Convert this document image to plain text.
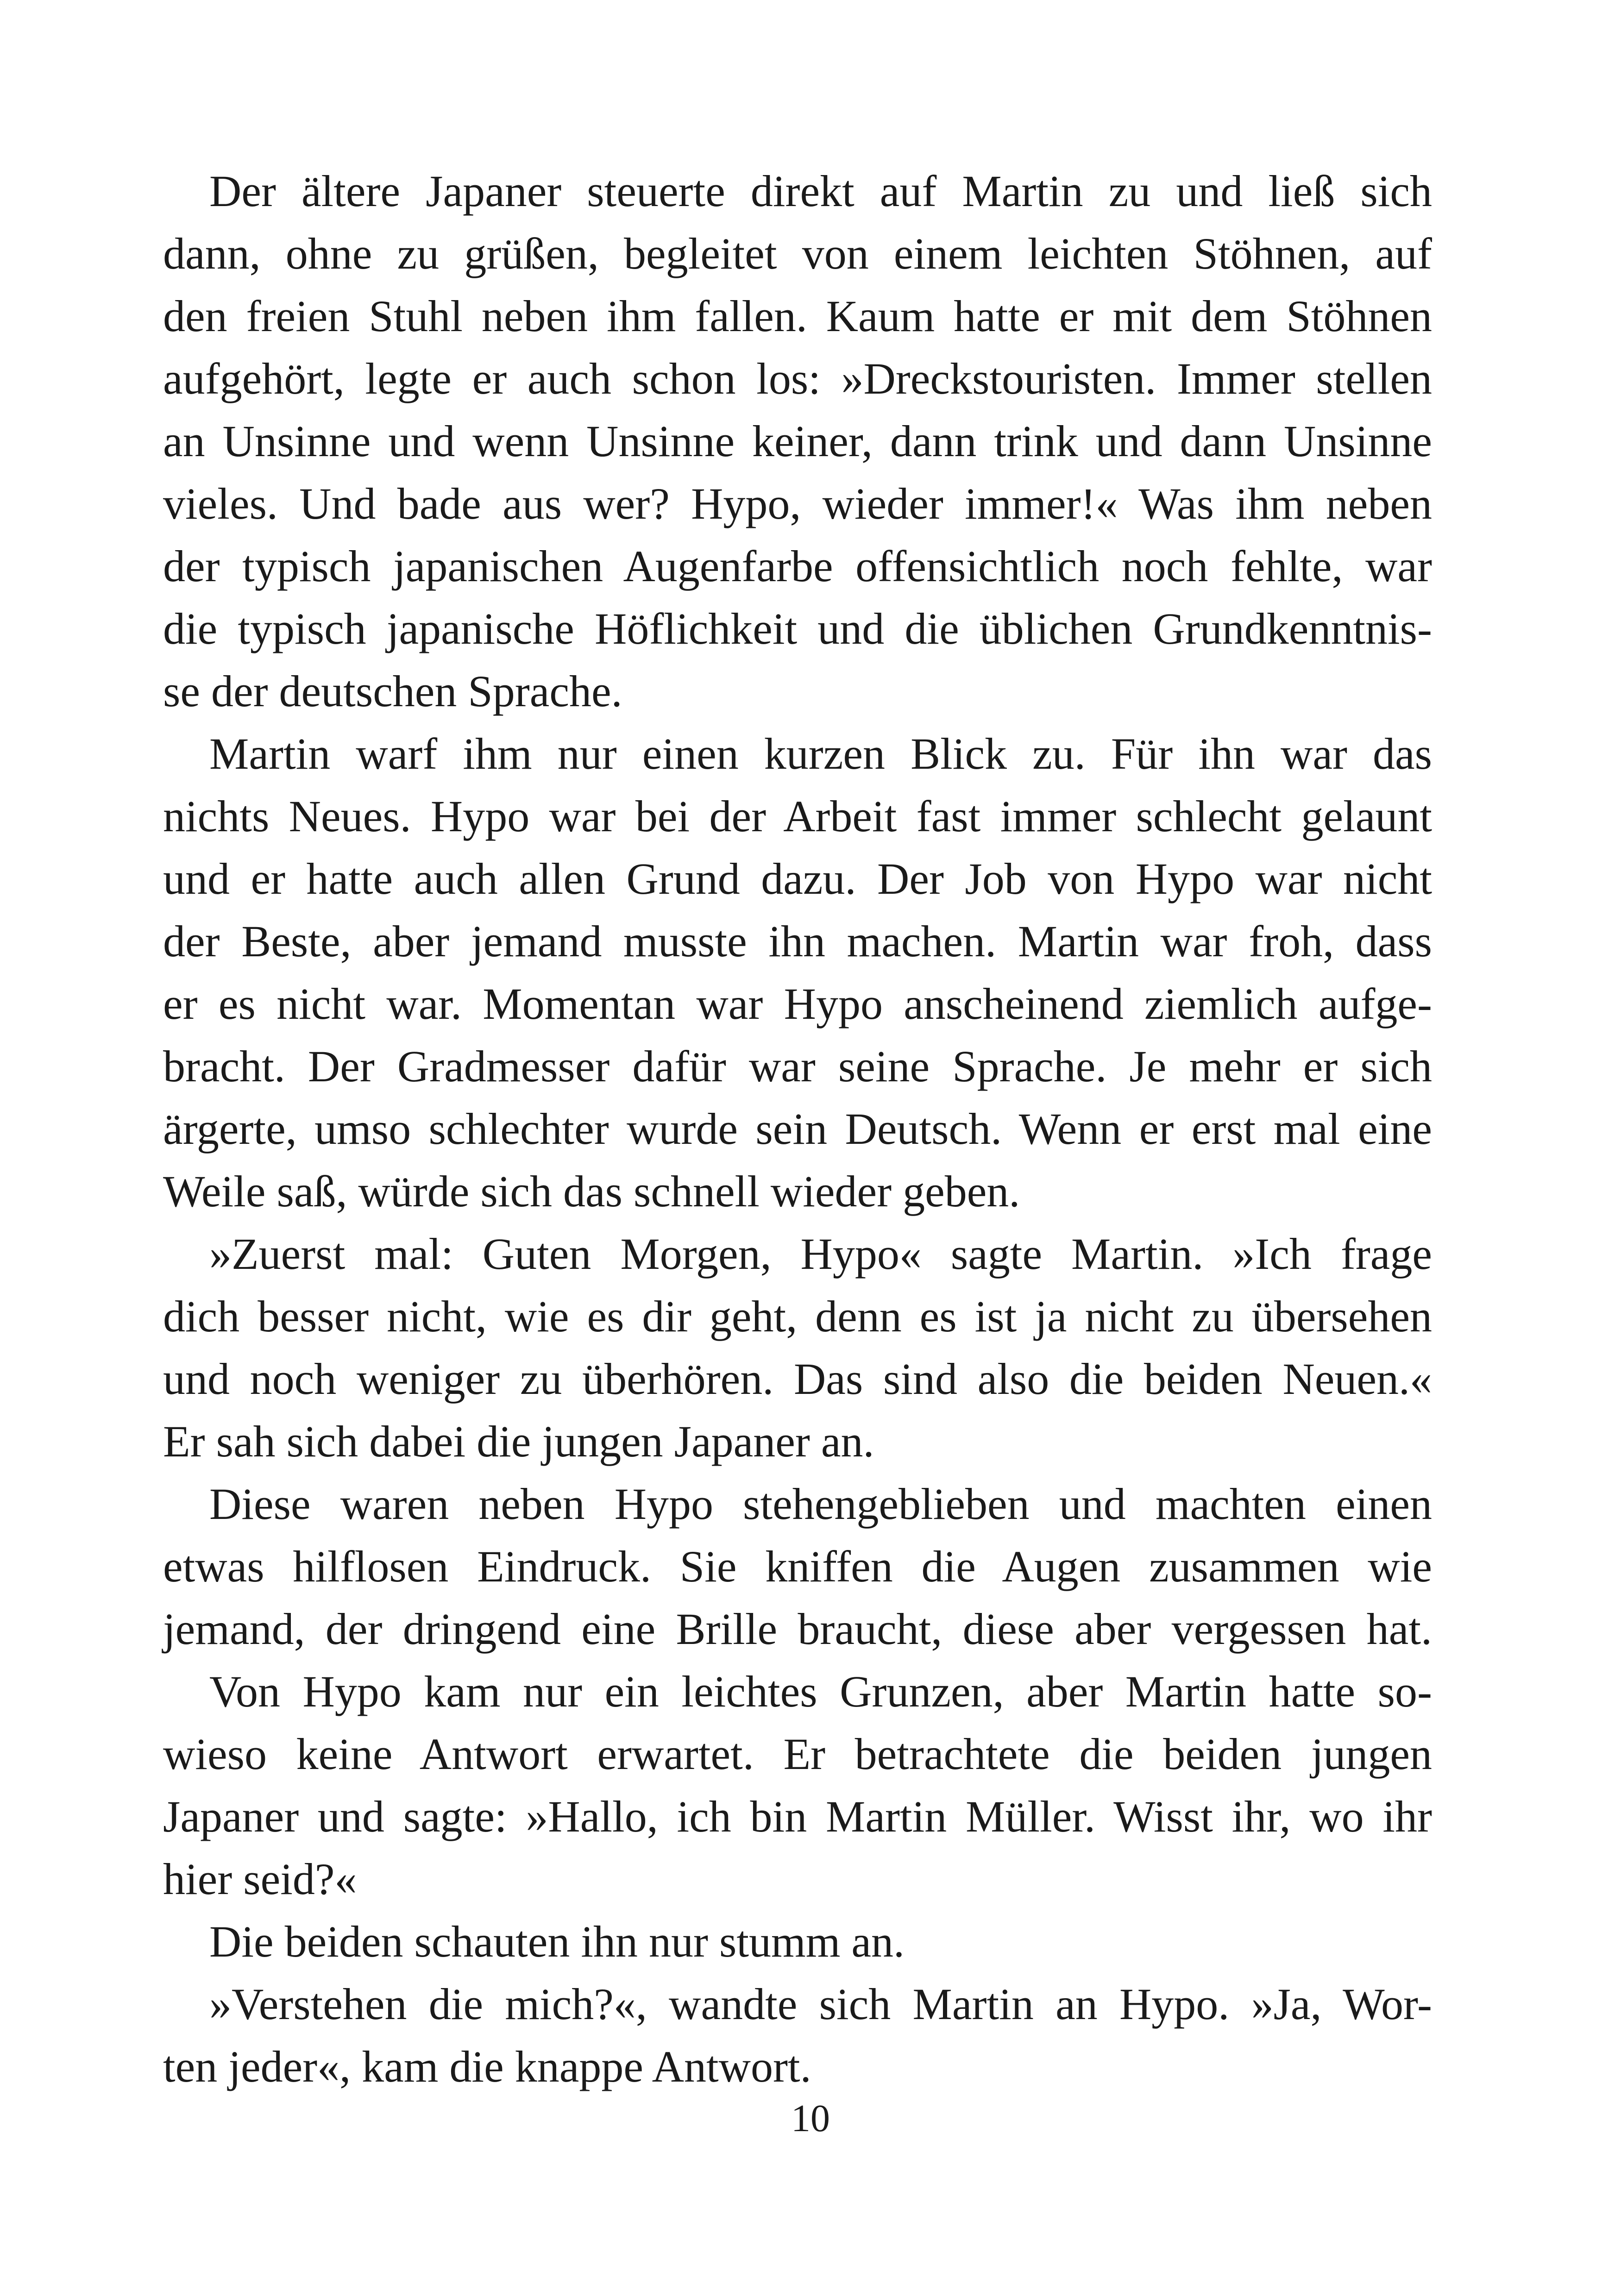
Der ältere Japaner steuerte direkt auf Martin zu und ließ sich
dann, ohne zu grüßen, begleitet von einem leichten Stöhnen, auf
den freien Stuhl neben ihm fallen. Kaum hatte er mit dem Stöhnen
aufgehört, legte er auch schon los: »Dreckstouristen. Immer stellen
an Unsinne und wenn Unsinne keiner, dann trink und dann Unsinne
vieles. Und bade aus wer? Hypo, wieder immer!« Was ihm neben
der typisch japanischen Augenfarbe offensichtlich noch fehlte, war
die typisch japanische Höflichkeit und die üblichen Grundkenntnis-
se der deutschen Sprache.
Martin warf ihm nur einen kurzen Blick zu. Für ihn war das
nichts Neues. Hypo war bei der Arbeit fast immer schlecht gelaunt
und er hatte auch allen Grund dazu. Der Job von Hypo war nicht
der Beste, aber jemand musste ihn machen. Martin war froh, dass
er es nicht war. Momentan war Hypo anscheinend ziemlich aufge-
bracht. Der Gradmesser dafür war seine Sprache. Je mehr er sich
ärgerte, umso schlechter wurde sein Deutsch. Wenn er erst mal eine
Weile saß, würde sich das schnell wieder geben.
»Zuerst mal: Guten Morgen, Hypo« sagte Martin. »Ich frage
dich besser nicht, wie es dir geht, denn es ist ja nicht zu übersehen
und noch weniger zu überhören. Das sind also die beiden Neuen.«
Er sah sich dabei die jungen Japaner an.
Diese waren neben Hypo stehengeblieben und machten einen
etwas hilflosen Eindruck. Sie kniffen die Augen zusammen wie
jemand, der dringend eine Brille braucht, diese aber vergessen hat.
Von Hypo kam nur ein leichtes Grunzen, aber Martin hatte so-
wieso keine Antwort erwartet. Er betrachtete die beiden jungen
Japaner und sagte: »Hallo, ich bin Martin Müller. Wisst ihr, wo ihr
hier seid?«
Die beiden schauten ihn nur stumm an.
»Verstehen die mich?«, wandte sich Martin an Hypo. »Ja, Wor-
ten jeder«, kam die knappe Antwort.
10
